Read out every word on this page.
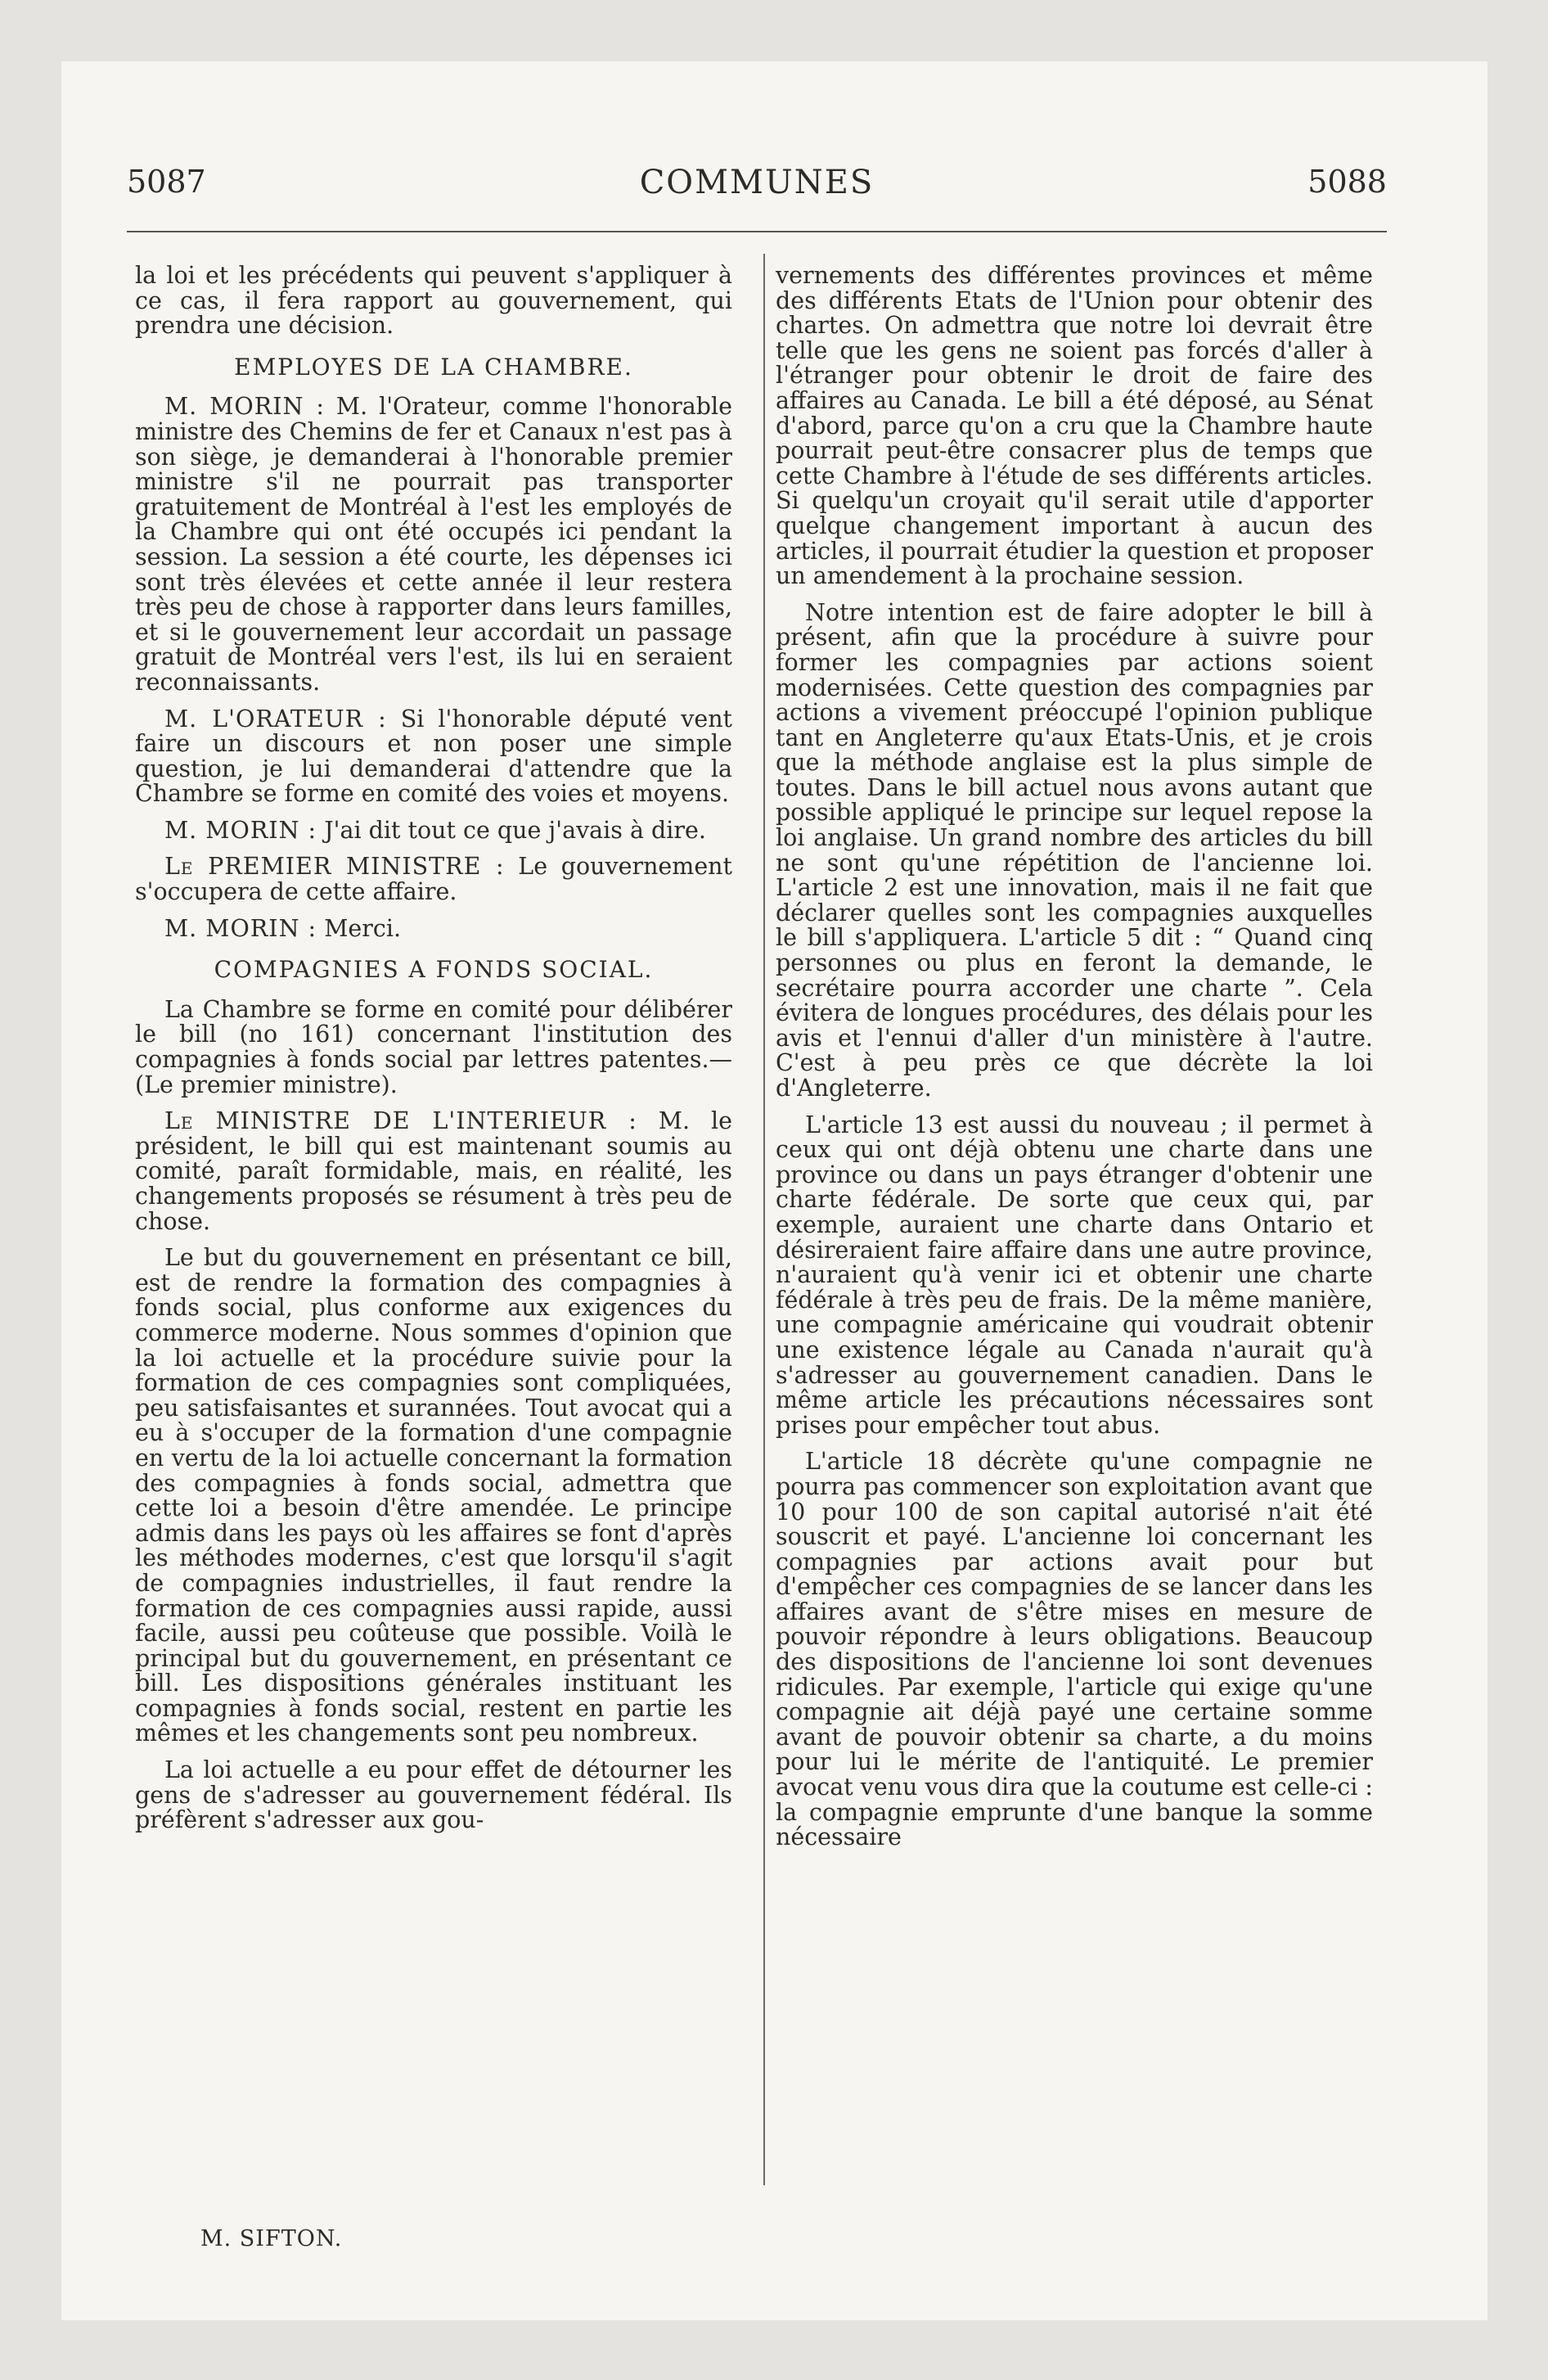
5087	COMMUNES	5088

la loi et les précédents qui peuvent s'appliquer à ce cas, il fera rapport au gouvernement, qui prendra une décision.

EMPLOYES DE LA CHAMBRE.

M. MORIN : M. l'Orateur, comme l'honorable ministre des Chemins de fer et Canaux n'est pas à son siège, je demanderai à l'honorable premier ministre s'il ne pourrait pas transporter gratuitement de Montréal à l'est les employés de la Chambre qui ont été occupés ici pendant la session. La session a été courte, les dépenses ici sont très élevées et cette année il leur restera très peu de chose à rapporter dans leurs familles, et si le gouvernement leur accordait un passage gratuit de Montréal vers l'est, ils lui en seraient reconnaissants.

M. L'ORATEUR : Si l'honorable député vent faire un discours et non poser une simple question, je lui demanderai d'attendre que la Chambre se forme en comité des voies et moyens.

M. MORIN : J'ai dit tout ce que j'avais à dire.

Le PREMIER MINISTRE : Le gouvernement s'occupera de cette affaire.

M. MORIN : Merci.

COMPAGNIES A FONDS SOCIAL.

La Chambre se forme en comité pour délibérer le bill (no 161) concernant l'institution des compagnies à fonds social par lettres patentes.—(Le premier ministre).

Le MINISTRE DE L'INTERIEUR : M. le président, le bill qui est maintenant soumis au comité, paraît formidable, mais, en réalité, les changements proposés se résument à très peu de chose.

Le but du gouvernement en présentant ce bill, est de rendre la formation des compagnies à fonds social, plus conforme aux exigences du commerce moderne. Nous sommes d'opinion que la loi actuelle et la procédure suivie pour la formation de ces compagnies sont compliquées, peu satisfaisantes et surannées. Tout avocat qui a eu à s'occuper de la formation d'une compagnie en vertu de la loi actuelle concernant la formation des compagnies à fonds social, admettra que cette loi a besoin d'être amendée. Le principe admis dans les pays où les affaires se font d'après les méthodes modernes, c'est que lorsqu'il s'agit de compagnies industrielles, il faut rendre la formation de ces compagnies aussi rapide, aussi facile, aussi peu coûteuse que possible. Voilà le principal but du gouvernement, en présentant ce bill. Les dispositions générales instituant les compagnies à fonds social, restent en partie les mêmes et les changements sont peu nombreux.

La loi actuelle a eu pour effet de détourner les gens de s'adresser au gouvernement fédéral. Ils préfèrent s'adresser aux gou-

vernements des différentes provinces et même des différents Etats de l'Union pour obtenir des chartes. On admettra que notre loi devrait être telle que les gens ne soient pas forcés d'aller à l'étranger pour obtenir le droit de faire des affaires au Canada. Le bill a été déposé, au Sénat d'abord, parce qu'on a cru que la Chambre haute pourrait peut-être consacrer plus de temps que cette Chambre à l'étude de ses différents articles. Si quelqu'un croyait qu'il serait utile d'apporter quelque changement important à aucun des articles, il pourrait étudier la question et proposer un amendement à la prochaine session.

Notre intention est de faire adopter le bill à présent, afin que la procédure à suivre pour former les compagnies par actions soient modernisées. Cette question des compagnies par actions a vivement préoccupé l'opinion publique tant en Angleterre qu'aux Etats-Unis, et je crois que la méthode anglaise est la plus simple de toutes. Dans le bill actuel nous avons autant que possible appliqué le principe sur lequel repose la loi anglaise. Un grand nombre des articles du bill ne sont qu'une répétition de l'ancienne loi. L'article 2 est une innovation, mais il ne fait que déclarer quelles sont les compagnies auxquelles le bill s'appliquera. L'article 5 dit : “ Quand cinq personnes ou plus en feront la demande, le secrétaire pourra accorder une charte ”. Cela évitera de longues procédures, des délais pour les avis et l'ennui d'aller d'un ministère à l'autre. C'est à peu près ce que décrète la loi d'Angleterre.

L'article 13 est aussi du nouveau ; il permet à ceux qui ont déjà obtenu une charte dans une province ou dans un pays étranger d'obtenir une charte fédérale. De sorte que ceux qui, par exemple, auraient une charte dans Ontario et désireraient faire affaire dans une autre province, n'auraient qu'à venir ici et obtenir une charte fédérale à très peu de frais. De la même manière, une compagnie américaine qui voudrait obtenir une existence légale au Canada n'aurait qu'à s'adresser au gouvernement canadien. Dans le même article les précautions nécessaires sont prises pour empêcher tout abus.

L'article 18 décrète qu'une compagnie ne pourra pas commencer son exploitation avant que 10 pour 100 de son capital autorisé n'ait été souscrit et payé. L'ancienne loi concernant les compagnies par actions avait pour but d'empêcher ces compagnies de se lancer dans les affaires avant de s'être mises en mesure de pouvoir répondre à leurs obligations. Beaucoup des dispositions de l'ancienne loi sont devenues ridicules. Par exemple, l'article qui exige qu'une compagnie ait déjà payé une certaine somme avant de pouvoir obtenir sa charte, a du moins pour lui le mérite de l'antiquité. Le premier avocat venu vous dira que la coutume est celle-ci : la compagnie emprunte d'une banque la somme nécessaire

M. SIFTON.
